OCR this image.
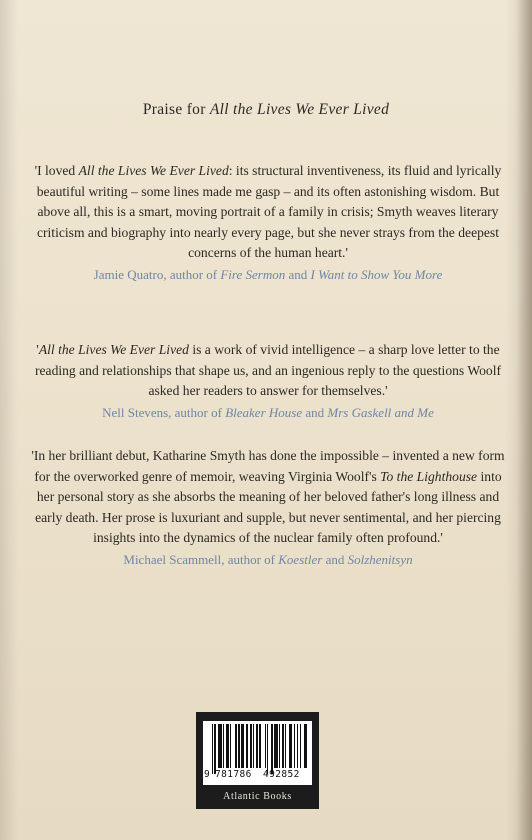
Praise for All the Lives We Ever Lived
'I loved All the Lives We Ever Lived: its structural inventiveness, its fluid and lyrically beautiful writing – some lines made me gasp – and its often astonishing wisdom. But above all, this is a smart, moving portrait of a family in crisis; Smyth weaves literary criticism and biography into nearly every page, but she never strays from the deepest concerns of the human heart.'
Jamie Quatro, author of Fire Sermon and I Want to Show You More
'All the Lives We Ever Lived is a work of vivid intelligence – a sharp love letter to the reading and relationships that shape us, and an ingenious reply to the questions Woolf asked her readers to answer for themselves.'
Nell Stevens, author of Bleaker House and Mrs Gaskell and Me
'In her brilliant debut, Katharine Smyth has done the impossible – invented a new form for the overworked genre of memoir, weaving Virginia Woolf's To the Lighthouse into her personal story as she absorbs the meaning of her beloved father's long illness and early death. Her prose is luxuriant and supple, but never sentimental, and her piercing insights into the dynamics of the nuclear family often profound.'
Michael Scammell, author of Koestler and Solzhenitsyn
9 781786 492852
Atlantic Books
